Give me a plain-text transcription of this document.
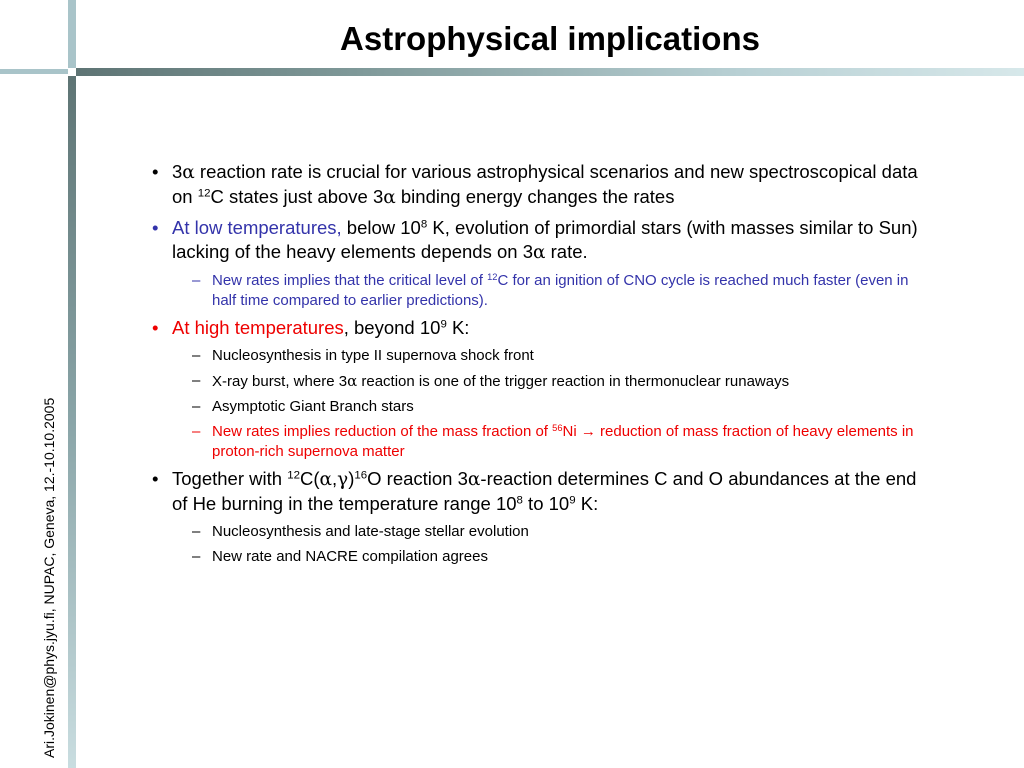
Astrophysical implications
Ari.Jokinen@phys.jyu.fi, NUPAC, Geneva, 12.-10.10.2005
• 3α reaction rate is crucial for various astrophysical scenarios and new spectroscopical data on $^{12}$C states just above 3α binding energy changes the rates
• At low temperatures, below $10^8$ K, evolution of primordial stars (with masses similar to Sun) lacking of the heavy elements depends on 3α rate.
– New rates implies that the critical level of $^{12}$C for an ignition of CNO cycle is reached much faster (even in half time compared to earlier predictions).
• At high temperatures, beyond $10^9$ K:
– Nucleosynthesis in type II supernova shock front
– X-ray burst, where 3α reaction is one of the trigger reaction in thermonuclear runaways
– Asymptotic Giant Branch stars
– New rates implies reduction of the mass fraction of $^{56}$Ni → reduction of mass fraction of heavy elements in proton-rich supernova matter
• Together with $^{12}C(\alpha,\gamma)^{16}O$ reaction 3α-reaction determines C and O abundances at the end of He burning in the temperature range $10^8$ to $10^9$ K:
– Nucleosynthesis and late-stage stellar evolution
– New rate and NACRE compilation agrees
